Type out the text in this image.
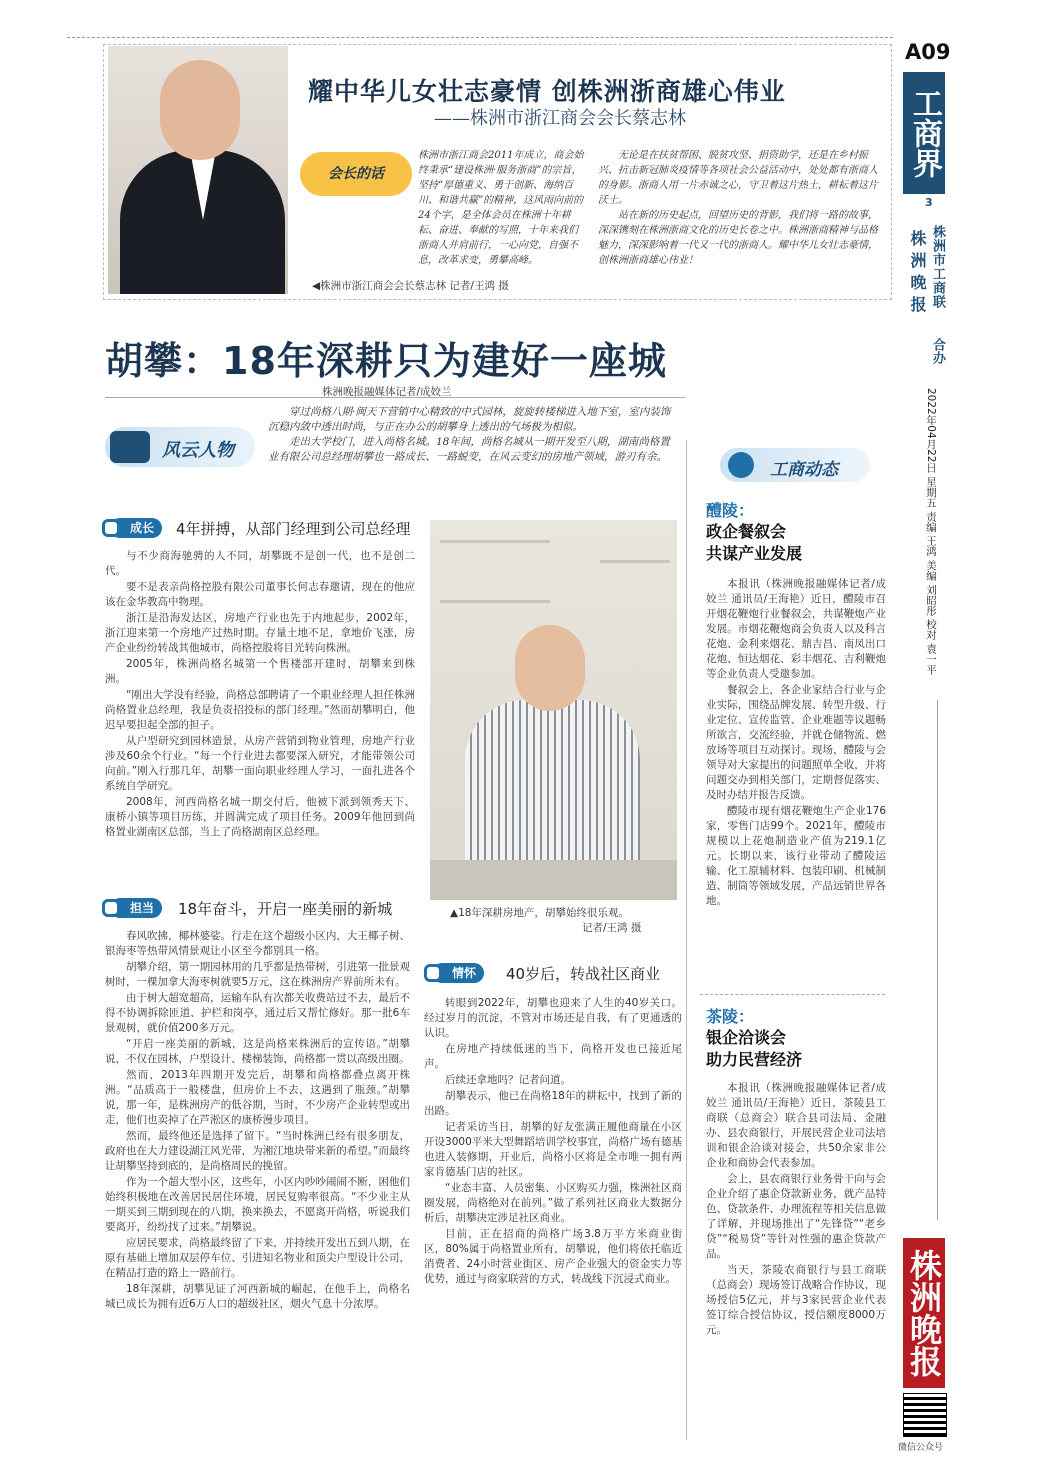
A09
工商界
3
株洲晚报 株洲市工商联
合办
2022年04月22日 星期五 责编 王鸿 美编 刘昭彤 校对 袁一平
株洲晚报
微信公众号
耀中华儿女壮志豪情 创株洲浙商雄心伟业
——株洲市浙江商会会长蔡志林
会长的话

株洲市浙江商会2011年成立，商会始终秉承“建设株洲·服务浙商”的宗旨，坚持“厚德重义、勇于创新、海纳百川、和谐共赢”的精神，这风雨向前的24个字，是全体会员在株洲十年耕耘、奋进、奉献的写照，十年来我们浙商人并肩前行，一心向党，自强不息，改革求变，勇攀高峰。

无论是在扶贫帮困、脱贫攻坚、捐资助学，还是在乡村振兴、抗击新冠肺炎疫情等各项社会公益活动中，处处都有浙商人的身影。浙商人用一片赤诚之心，守卫着这片热土，耕耘着这片沃土。

站在新的历史起点，回望历史的背影，我们将一路的故事，深深镌刻在株洲浙商文化的历史长卷之中。株洲浙商精神与品格魅力，深深影响着一代又一代的浙商人。耀中华儿女壮志豪情，创株洲浙商雄心伟业！

◀株洲市浙江商会会长蔡志林 记者/王鸿 摄
胡攀：18年深耕只为建好一座城
株洲晚报融媒体记者/成姣兰
风云人物

穿过尚格八期·闽天下营销中心精致的中式园林，旋旋转楼梯进入地下室，室内装饰沉稳内敛中透出时尚，与正在办公的胡攀身上透出的气场极为相似。

走出大学校门，进入尚格名城。18年间，尚格名城从一期开发至八期，湖南尚格置业有限公司总经理胡攀也一路成长、一路蜕变，在风云变幻的房地产领域，游刃有余。

成长	4年拼搏，从部门经理到公司总经理

与不少商海驰骋的人不同，胡攀既不是创一代，也不是创二代。

要不是表亲尚格控股有限公司董事长何志春邀请，现在的他应该在金华教高中物理。

浙江是沿海发达区，房地产行业也先于内地起步，2002年，浙江迎来第一个房地产过热时期。存量土地不足，拿地价飞涨，房产企业纷纷转战其他城市，尚格控股将目光转向株洲。

2005年，株洲尚格名城第一个售楼部开建时，胡攀来到株洲。

“刚出大学没有经验，尚格总部聘请了一个职业经理人担任株洲尚格置业总经理，我是负责招投标的部门经理。”然而胡攀明白，他迟早要担起全部的担子。

从户型研究到园林造景，从房产营销到物业管理，房地产行业涉及60余个行业。“每一个行业进去都要深入研究，才能带领公司向前。”刚入行那几年，胡攀一面向职业经理人学习，一面扎进各个系统自学研究。

2008年，河西尚格名城一期交付后，他被下派到领秀天下、康桥小镇等项目历练，并圆满完成了项目任务。2009年他回到尚格置业湖南区总部，当上了尚格湖南区总经理。

▲18年深耕房地产，胡攀始终很乐观。
记者/王鸿 摄
担当	18年奋斗，开启一座美丽的新城

春风吹拂，椰林婆娑。行走在这个超级小区内，大王椰子树、银海枣等热带风情景观让小区至今都别具一格。

胡攀介绍，第一期园林用的几乎都是热带树，引进第一批景观树时，一棵加拿大海枣树就要5万元，这在株洲房产界前所未有。

由于树大超宽超高，运输车队有次都关收费站过不去，最后不得不协调拆除匝道、护栏和岗亭，通过后又帮忙修好。那一批6车景观树，就价值200多万元。

“开启一座美丽的新城，这是尚格来株洲后的宣传语。”胡攀说，不仅在园林，户型设计、楼梯装饰，尚格都一贯以高级出圈。

然而，2013年四期开发完后，胡攀和尚格都叠点离开株洲。“品质高于一般楼盘，但房价上不去，这遇到了瓶颈。”胡攀说，那一年，是株洲房产的低谷期，当时，不少房产企业转型或出走，他们也卖掉了在芦淞区的康桥漫步项目。

然而，最终他还是选择了留下。“当时株洲已经有很多朋友，政府也在大力建设湖江风光带，为湘江地块带来新的希望。”而最终让胡攀坚持到底的，是尚格周民的挽留。

作为一个超大型小区，这些年，小区内吵吵闹闹不断，困他们始终积极地在改善居民居住环境，居民复购率很高。“不少业主从一期买到三期到现在的八期，换来换去，不愿离开尚格，听说我们要离开，纷纷找了过来。”胡攀说。

应居民要求，尚格最终留了下来，并持续开发出五到八期，在原有基础上增加双层停车位、引进知名物业和顶尖户型设计公司，在精品打造的路上一路前行。

18年深耕，胡攀见证了河西新城的崛起，在他手上，尚格名城已成长为拥有近6万人口的超级社区，烟火气息十分浓厚。

情怀	40岁后，转战社区商业

转眼到2022年，胡攀也迎来了人生的40岁关口。经过岁月的沉淀，不管对市场还是自我，有了更通透的认识。

在房地产持续低迷的当下，尚格开发也已接近尾声。

后续还拿地吗？记者问道。

胡攀表示，他已在尚格18年的耕耘中，找到了新的出路。

记者采访当日，胡攀的好友张满正履他商量在小区开设3000平米大型舞蹈培训学校事宜，尚格广场有德基也进入装修期，开业后，尚格小区将是全市唯一拥有两家肯德基门店的社区。

“业态丰富、人员密集、小区购买力强，株洲社区商圈发展，尚格绝对在前列。”做了系列社区商业大数据分析后，胡攀决定涉足社区商业。

目前，正在招商的尚格广场3.8万平方米商业街区，80%属于尚格置业所有，胡攀说，他们将依托临近消费者、24小时营业街区、房产企业强大的资金实力等优势，通过与商家联营的方式，转战线下沉浸式商业。

工商动态
醴陵：
政企餐叙会
共谋产业发展

本报讯（株洲晚报融媒体记者/成姣兰 通讯员/王海艳）近日，醴陵市召开烟花鞭炮行业餐叙会，共谋鞭炮产业发展。市烟花鞭炮商会负责人以及科言花炮、金利来烟花、鼎吉昌、南凤出口花炮、恒达烟花、彩丰烟花、吉利鞭炮等企业负责人受邀参加。

餐叙会上，各企业家结合行业与企业实际，围绕品牌发展、转型升级、行业定位、宣传监管、企业难题等议题畅所欲言，交流经验，并就仓储物流、燃放场等项目互动探讨。现场，醴陵与会领导对大家提出的问题照单全收，并将问题交办到相关部门，定期督促落实、及时办结并报告反馈。

醴陵市现有烟花鞭炮生产企业176家，零售门店99个。2021年，醴陵市规模以上花炮制造业产值为219.1亿元。长期以来，该行业带动了醴陵运输、化工原辅材料、包装印刷、机械制造、制筒等领域发展，产品远销世界各地。

茶陵：
银企洽谈会
助力民营经济

本报讯（株洲晚报融媒体记者/成姣兰 通讯员/王海艳）近日，茶陵县工商联（总商会）联合县司法局、金融办、县农商银行，开展民营企业司法培训和银企洽谈对接会，共50余家非公企业和商协会代表参加。

会上，县农商银行业务骨干向与会企业介绍了惠企贷款新业务，就产品特色、贷款条件、办理流程等相关信息做了详解，并现场推出了“先锋贷”“老乡贷”“税易贷”等针对性强的惠企贷款产品。

当天，茶陵农商银行与县工商联（总商会）现场签订战略合作协议，现场授信5亿元，并与3家民营企业代表签订综合授信协议，授信额度8000万元。
